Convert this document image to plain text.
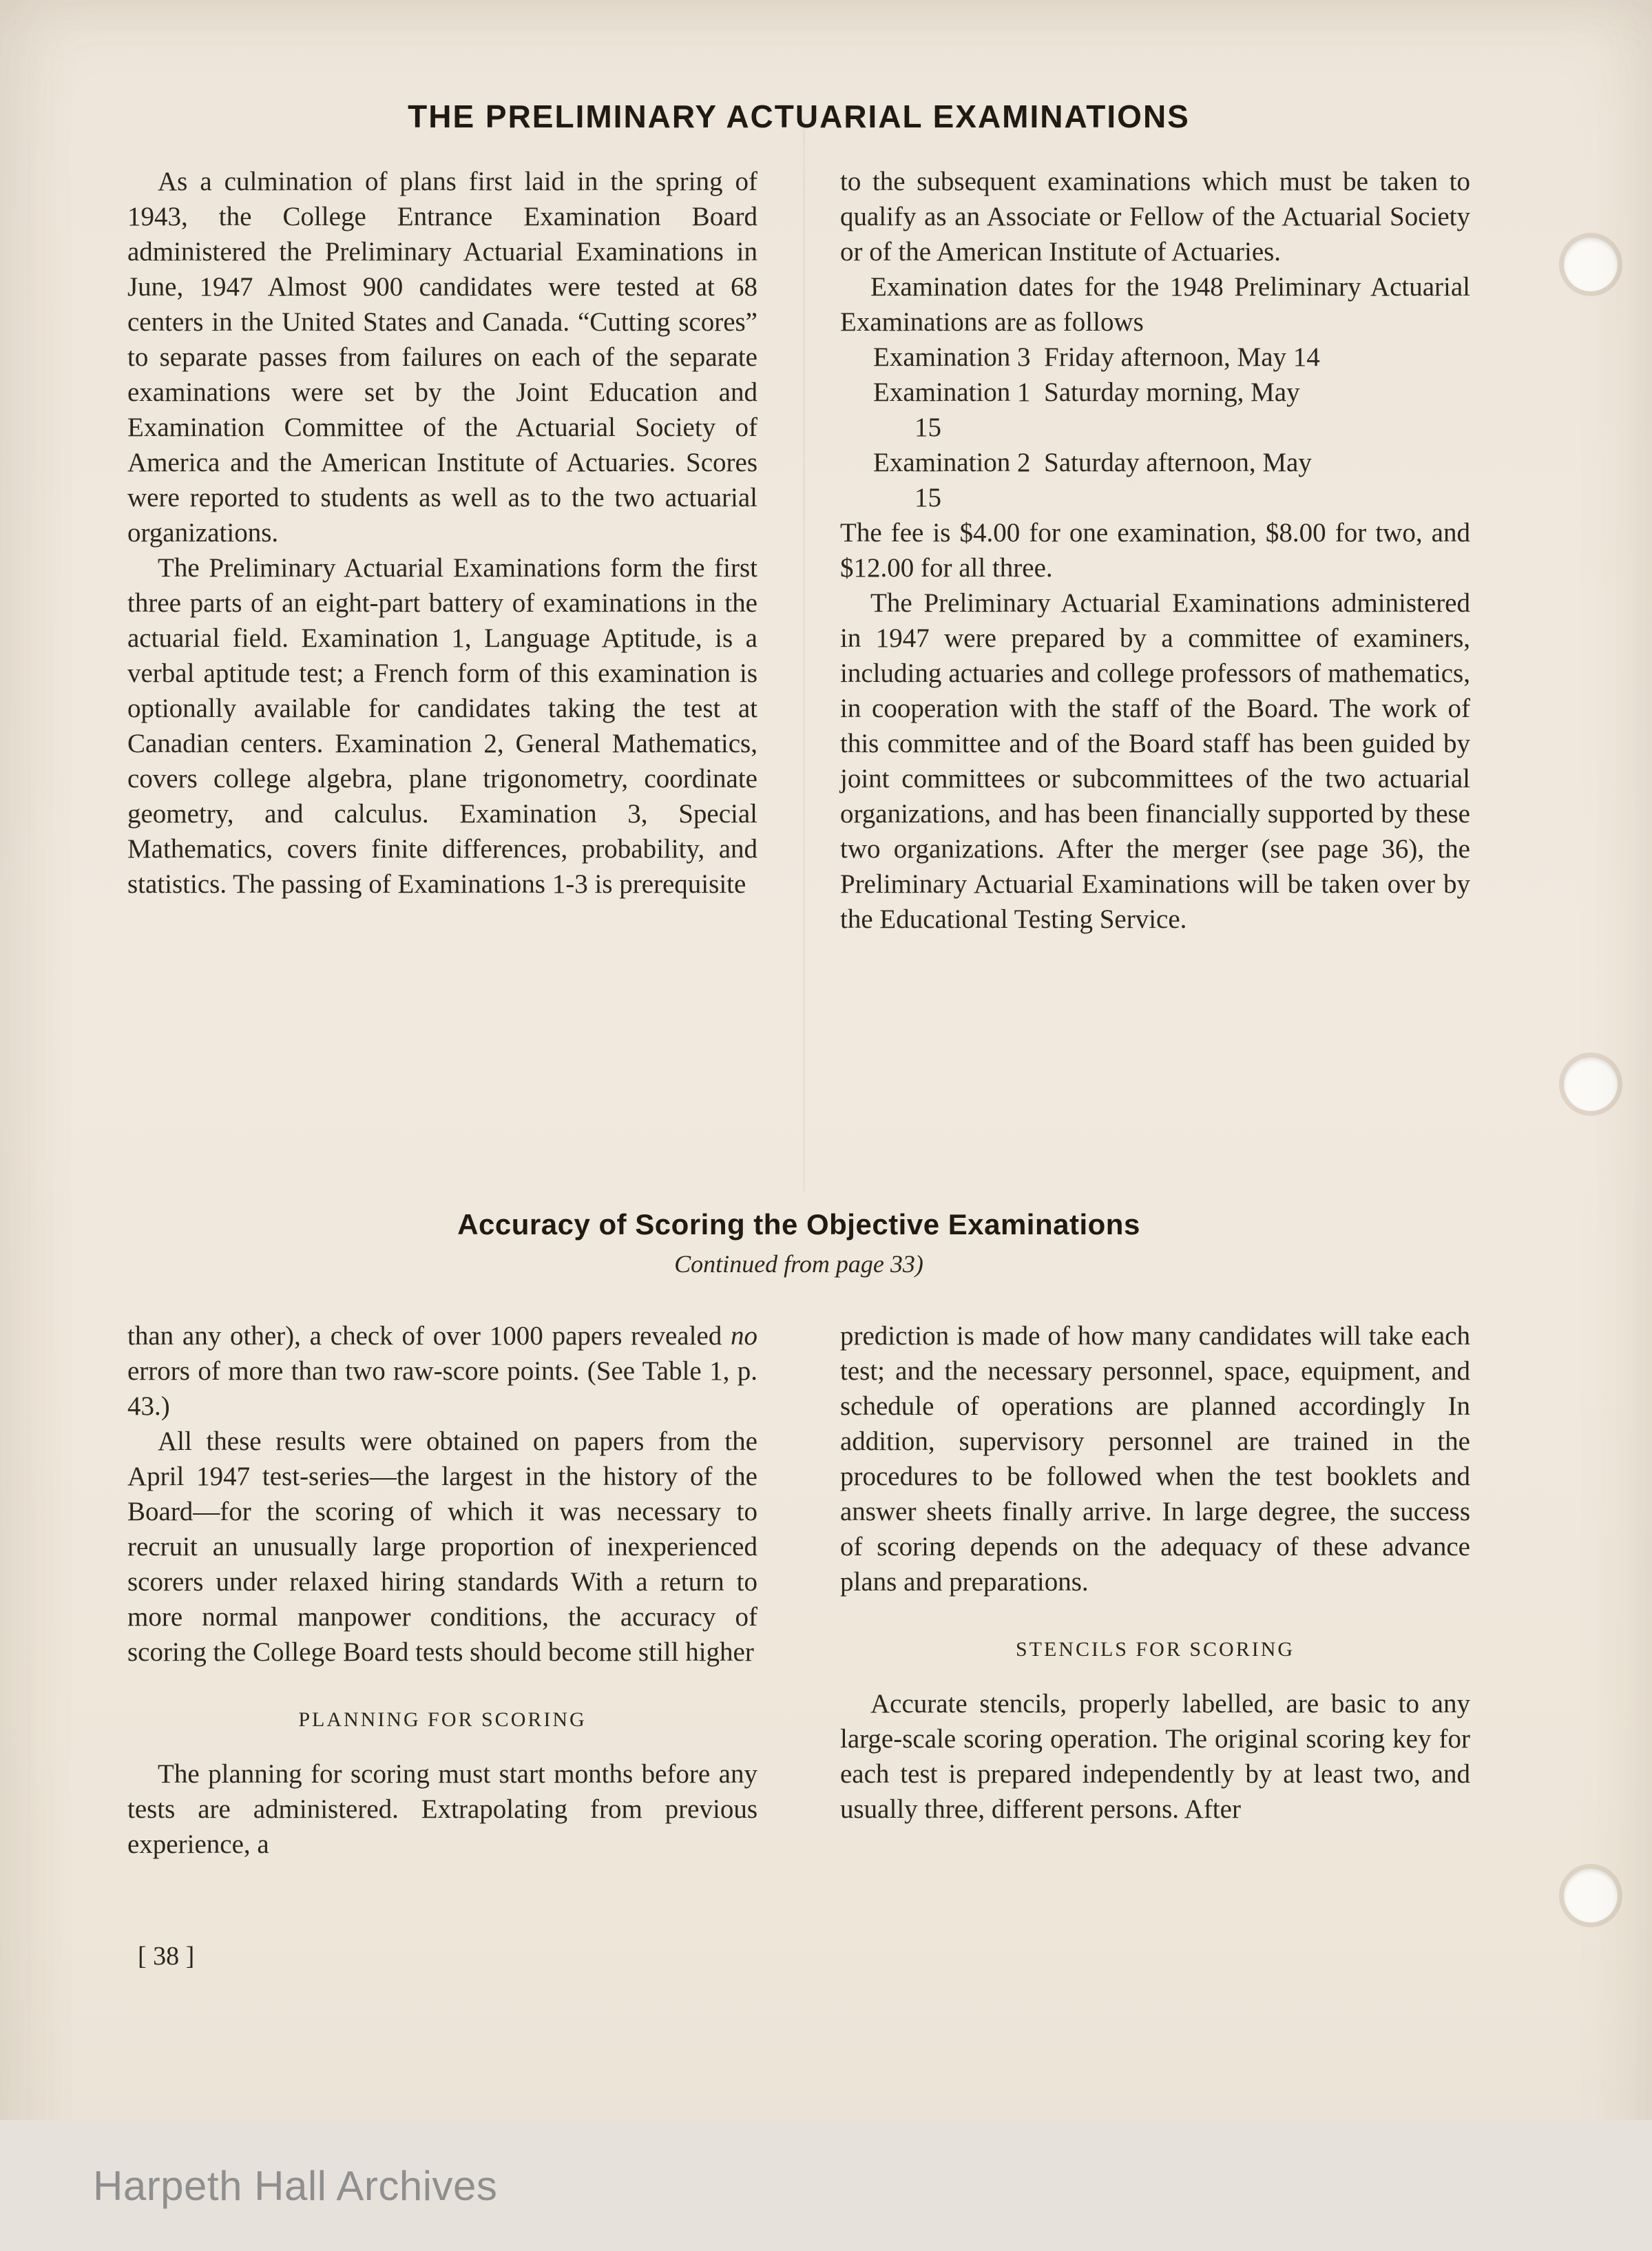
THE PRELIMINARY ACTUARIAL EXAMINATIONS

As a culmination of plans first laid in the spring of 1943, the College Entrance Examination Board administered the Preliminary Actuarial Examinations in June, 1947 Almost 900 candidates were tested at 68 centers in the United States and Canada. “Cutting scores” to separate passes from failures on each of the separate examinations were set by the Joint Education and Examination Committee of the Actuarial Society of America and the American Institute of Actuaries. Scores were reported to students as well as to the two actuarial organizations.

The Preliminary Actuarial Examinations form the first three parts of an eight-part battery of examinations in the actuarial field. Examination 1, Language Aptitude, is a verbal aptitude test; a French form of this examination is optionally available for candidates taking the test at Canadian centers. Examination 2, General Mathematics, covers college algebra, plane trigonometry, coordinate geometry, and calculus. Examination 3, Special Mathematics, covers finite differences, probability, and statistics. The passing of Examinations 1-3 is prerequisite

to the subsequent examinations which must be taken to qualify as an Associate or Fellow of the Actuarial Society or of the American Institute of Actuaries.

Examination dates for the 1948 Preliminary Actuarial Examinations are as follows

Examination 3  Friday afternoon, May 14
Examination 1  Saturday morning, May
15
Examination 2  Saturday afternoon, May
15

The fee is $4.00 for one examination, $8.00 for two, and $12.00 for all three.

The Preliminary Actuarial Examinations administered in 1947 were prepared by a committee of examiners, including actuaries and college professors of mathematics, in cooperation with the staff of the Board. The work of this committee and of the Board staff has been guided by joint committees or subcommittees of the two actuarial organizations, and has been financially supported by these two organizations. After the merger (see page 36), the Preliminary Actuarial Examinations will be taken over by the Educational Testing Service.

Accuracy of Scoring the Objective Examinations
Continued from page 33)

than any other), a check of over 1000 papers revealed no errors of more than two raw-score points. (See Table 1, p. 43.)

All these results were obtained on papers from the April 1947 test-series—the largest in the history of the Board—for the scoring of which it was necessary to recruit an unusually large proportion of inexperienced scorers under relaxed hiring standards With a return to more normal manpower conditions, the accuracy of scoring the College Board tests should become still higher

PLANNING FOR SCORING

The planning for scoring must start months before any tests are administered. Extrapolating from previous experience, a

prediction is made of how many candidates will take each test; and the necessary personnel, space, equipment, and schedule of operations are planned accordingly In addition, supervisory personnel are trained in the procedures to be followed when the test booklets and answer sheets finally arrive. In large degree, the success of scoring depends on the adequacy of these advance plans and preparations.

STENCILS FOR SCORING

Accurate stencils, properly labelled, are basic to any large-scale scoring operation. The original scoring key for each test is prepared independently by at least two, and usually three, different persons. After

[ 38 ]
Harpeth Hall Archives
